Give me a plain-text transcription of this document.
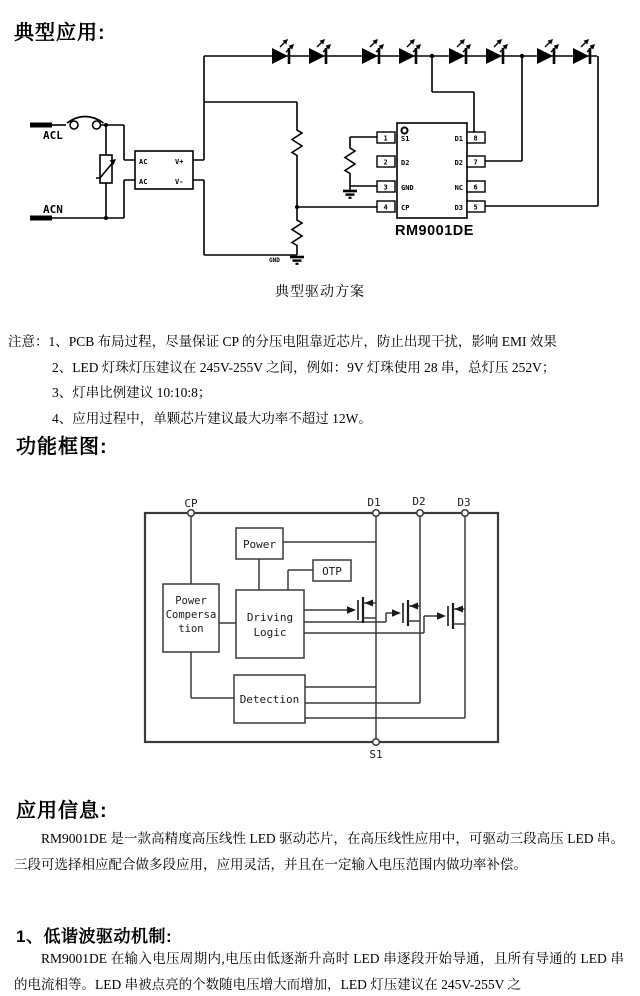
典型应用:
ACL
ACN
AC
AC
V+
V-
GND
1
2
3
4
8
7
6
5
S1
D2
GND
CP
D1
D2
NC
D3
RM9001DE
典型驱动方案
注意：1、PCB 布局过程，尽量保证 CP 的分压电阻靠近芯片，防止出现干扰，影响 EMI 效果
2、LED 灯珠灯压建议在 245V-255V 之间，例如：9V 灯珠使用 28 串，总灯压 252V；
3、灯串比例建议 10:10:8；
4、应用过程中，单颗芯片建议最大功率不超过 12W。
功能框图:
Power
OTP
Power
Compersa
tion
Driving
Logic
Detection
CP	D1	D2	D3
S1
应用信息:
RM9001DE 是一款高精度高压线性 LED 驱动芯片，在高压线性应用中，可驱动三段高压 LED 串。三段可选择相应配合做多段应用，应用灵活，并且在一定输入电压范围内做功率补偿。
1、低谐波驱动机制:
RM9001DE 在输入电压周期内,电压由低逐渐升高时 LED 串逐段开始导通，且所有导通的 LED 串的电流相等。LED 串被点亮的个数随电压增大而增加，LED 灯压建议在 245V-255V 之
